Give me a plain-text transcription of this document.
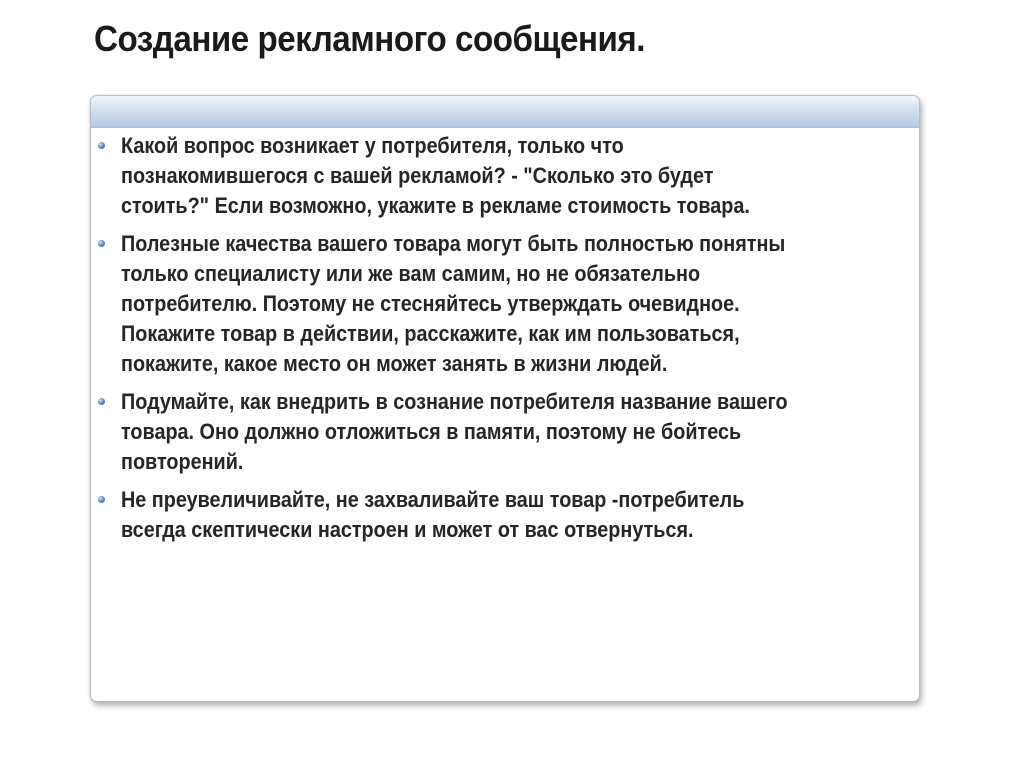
Создание рекламного сообщения.
Какой вопрос возникает у потребителя, только что
познакомившегося с вашей рекламой? - "Сколько это будет
стоить?" Если возможно, укажите в рекламе стоимость товара.
Полезные качества вашего товара могут быть полностью понятны
только специалисту или же вам самим, но не обязательно
потребителю. Поэтому не стесняйтесь утверждать очевидное.
Покажите товар в действии, расскажите, как им пользоваться,
покажите, какое место он может занять в жизни людей.
Подумайте, как внедрить в сознание потребителя название вашего
товара. Оно должно отложиться в памяти, поэтому не бойтесь
повторений.
Не преувеличивайте, не захваливайте ваш товар -потребитель
всегда скептически настроен и может от вас отвернуться.
